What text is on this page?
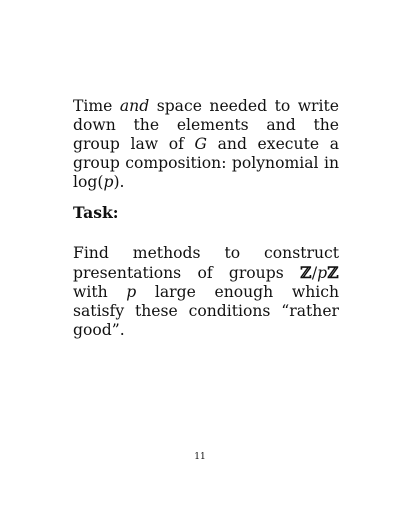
Time and space needed to write down the elements and the group law of G and execute a group composition: polynomial in log(p).

Task:

Find methods to construct presentations of groups ℤ/pℤ with p large enough which satisfy these conditions “rather good”.

11
